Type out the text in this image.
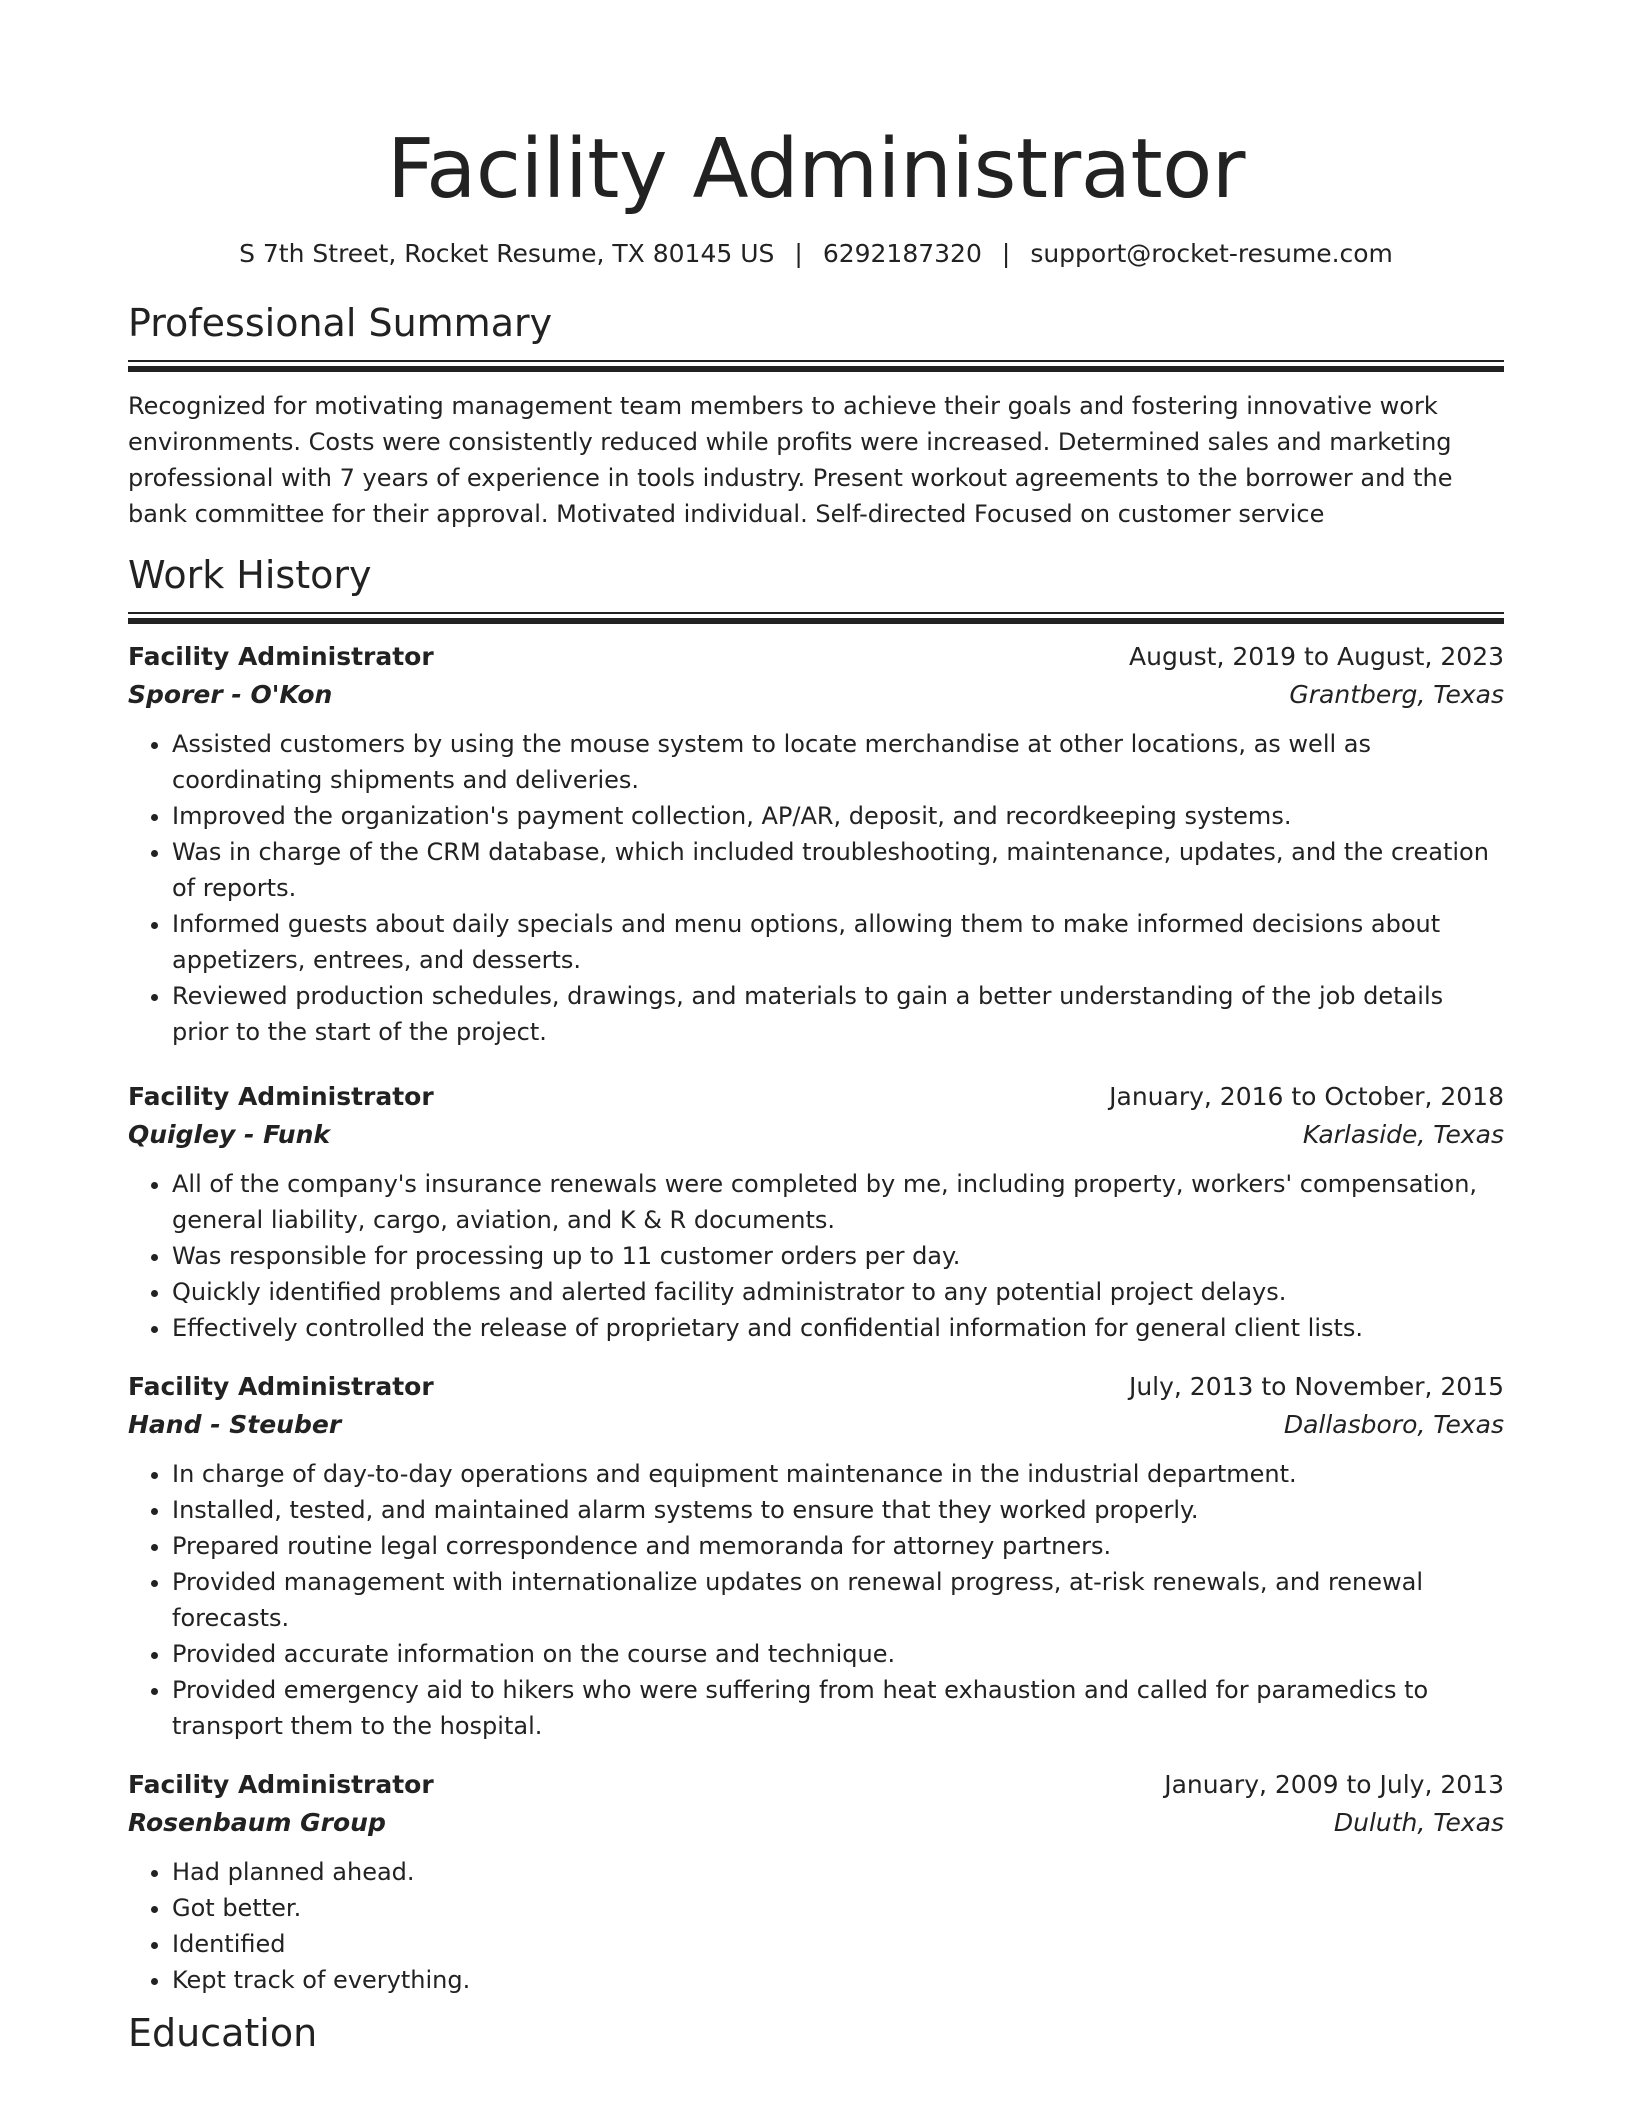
Facility Administrator
S 7th Street, Rocket Resume, TX 80145 US | 6292187320 | support@rocket-resume.com
Professional Summary

Recognized for motivating management team members to achieve their goals and fostering innovative work environments. Costs were consistently reduced while profits were increased. Determined sales and marketing professional with 7 years of experience in tools industry. Present workout agreements to the borrower and the bank committee for their approval. Motivated individual. Self-directed Focused on customer service

Work History
Facility Administrator	August, 2019 to August, 2023
Sporer - O'Kon	Grantberg, Texas
• Assisted customers by using the mouse system to locate merchandise at other locations, as well as coordinating shipments and deliveries.
• Improved the organization's payment collection, AP/AR, deposit, and recordkeeping systems.
• Was in charge of the CRM database, which included troubleshooting, maintenance, updates, and the creation of reports.
• Informed guests about daily specials and menu options, allowing them to make informed decisions about appetizers, entrees, and desserts.
• Reviewed production schedules, drawings, and materials to gain a better understanding of the job details prior to the start of the project.
Facility Administrator	January, 2016 to October, 2018
Quigley - Funk	Karlaside, Texas
• All of the company's insurance renewals were completed by me, including property, workers' compensation, general liability, cargo, aviation, and K & R documents.
• Was responsible for processing up to 11 customer orders per day.
• Quickly identified problems and alerted facility administrator to any potential project delays.
• Effectively controlled the release of proprietary and confidential information for general client lists.
Facility Administrator	July, 2013 to November, 2015
Hand - Steuber	Dallasboro, Texas
• In charge of day-to-day operations and equipment maintenance in the industrial department.
• Installed, tested, and maintained alarm systems to ensure that they worked properly.
• Prepared routine legal correspondence and memoranda for attorney partners.
• Provided management with internationalize updates on renewal progress, at-risk renewals, and renewal forecasts.
• Provided accurate information on the course and technique.
• Provided emergency aid to hikers who were suffering from heat exhaustion and called for paramedics to transport them to the hospital.
Facility Administrator	January, 2009 to July, 2013
Rosenbaum Group	Duluth, Texas
• Had planned ahead.
• Got better.
• Identified
• Kept track of everything.
Education
